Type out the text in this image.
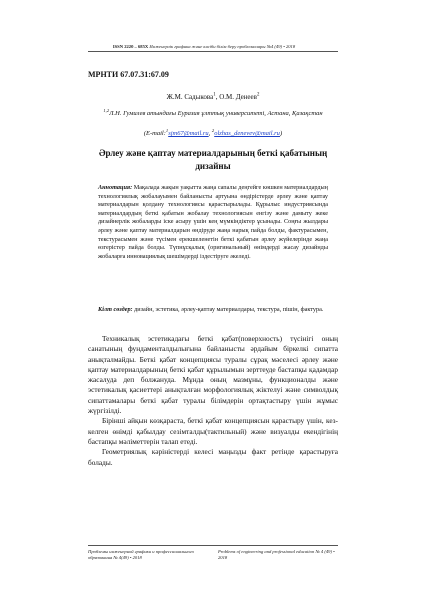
ISSN 2220 – 685Х Инженерлік графика және кәсіби білім беру проблемалары №4 (49) • 2018
МРНТИ 67.07.31:67.09
Ж.М. Садыкова$^1$, О.М. Денеев$^2$
$^{1,2}$Л.Н. Гумилев атындағы Еуразия ұлттық университеті, Астана, Қазақстан
(E-mail:$^1$sjm67@mail.ru, $^2$olzhas_denevev@mail.ru)
Әрлеу және қаптау материалдарының беткі қабатының дизайны
Аннотация: Мақалада жақын уақытта жаңа сапалы деңгейге көшкен материалдардың технологиялық жобалауымен байланысты артуына өндірістерде әрлеу және қаптау материалдарын қолдану технологиясы қарастырылады. Құрылыс индустриясында материалдардың беткі қабатын жобалау технологиясын енгізу және дамыту жеке дизайнерлік жобаларды іске асыру үшін кең мүмкіндіктер ұсынады. Соңғы жылдары әрлеу және қаптау материалдарын өндіруде жаңа нарық пайда болды, фактурасымен, текстурасымен және түсімен ерекшеленетін беткі қабатын әрлеу жүйелерінде жаңа өзгерістер пайда болды. Түпнұсқалық (оригинальный) өнімдерді жасау дизайнды жобаларға инновациялық шешімдерді іздестіруге әкеледі.
Кілт сөздер: дизайн, эстетика, әрлеу-қаптау материалдары, текстура, пішін, фактура.

Техникалық эстетикадағы беткі қабат(поверхность) түсінігі оның санатының фундаменталдылығына байланысты әрдайым біркелкі сипатта анықталмайды. Беткі қабат концепциясы туралы сұрақ мәселесі әрлеу және қаптау материалдарының беткі қабат құрылымын зерттеуде бастапқы қадамдар жасалуда деп болжануда. Мұнда оның мазмұны, функционалды және эстетикалық қасиеттері анықталған морфологиялық жіктелуі және символдық сипаттамалары беткі қабат туралы білімдерін ортақтастыру үшін жұмыс жүргізілді.

Бірінші айқын көзқараста, беткі қабат концепциясын қарастыру үшін, кез-келген өнімді қабылдау сезімталды(тактильный) және визуалды екендігінің бастапқы мәліметтерін талап етеді.

Геометриялық кәріністерді келесі маңызды факт ретінде қарастыруға болады.

Проблемы инженерной графики и профессионального образования № 4(49) • 2018
Problems of engineering and professional education № 4 (49) • 2018
